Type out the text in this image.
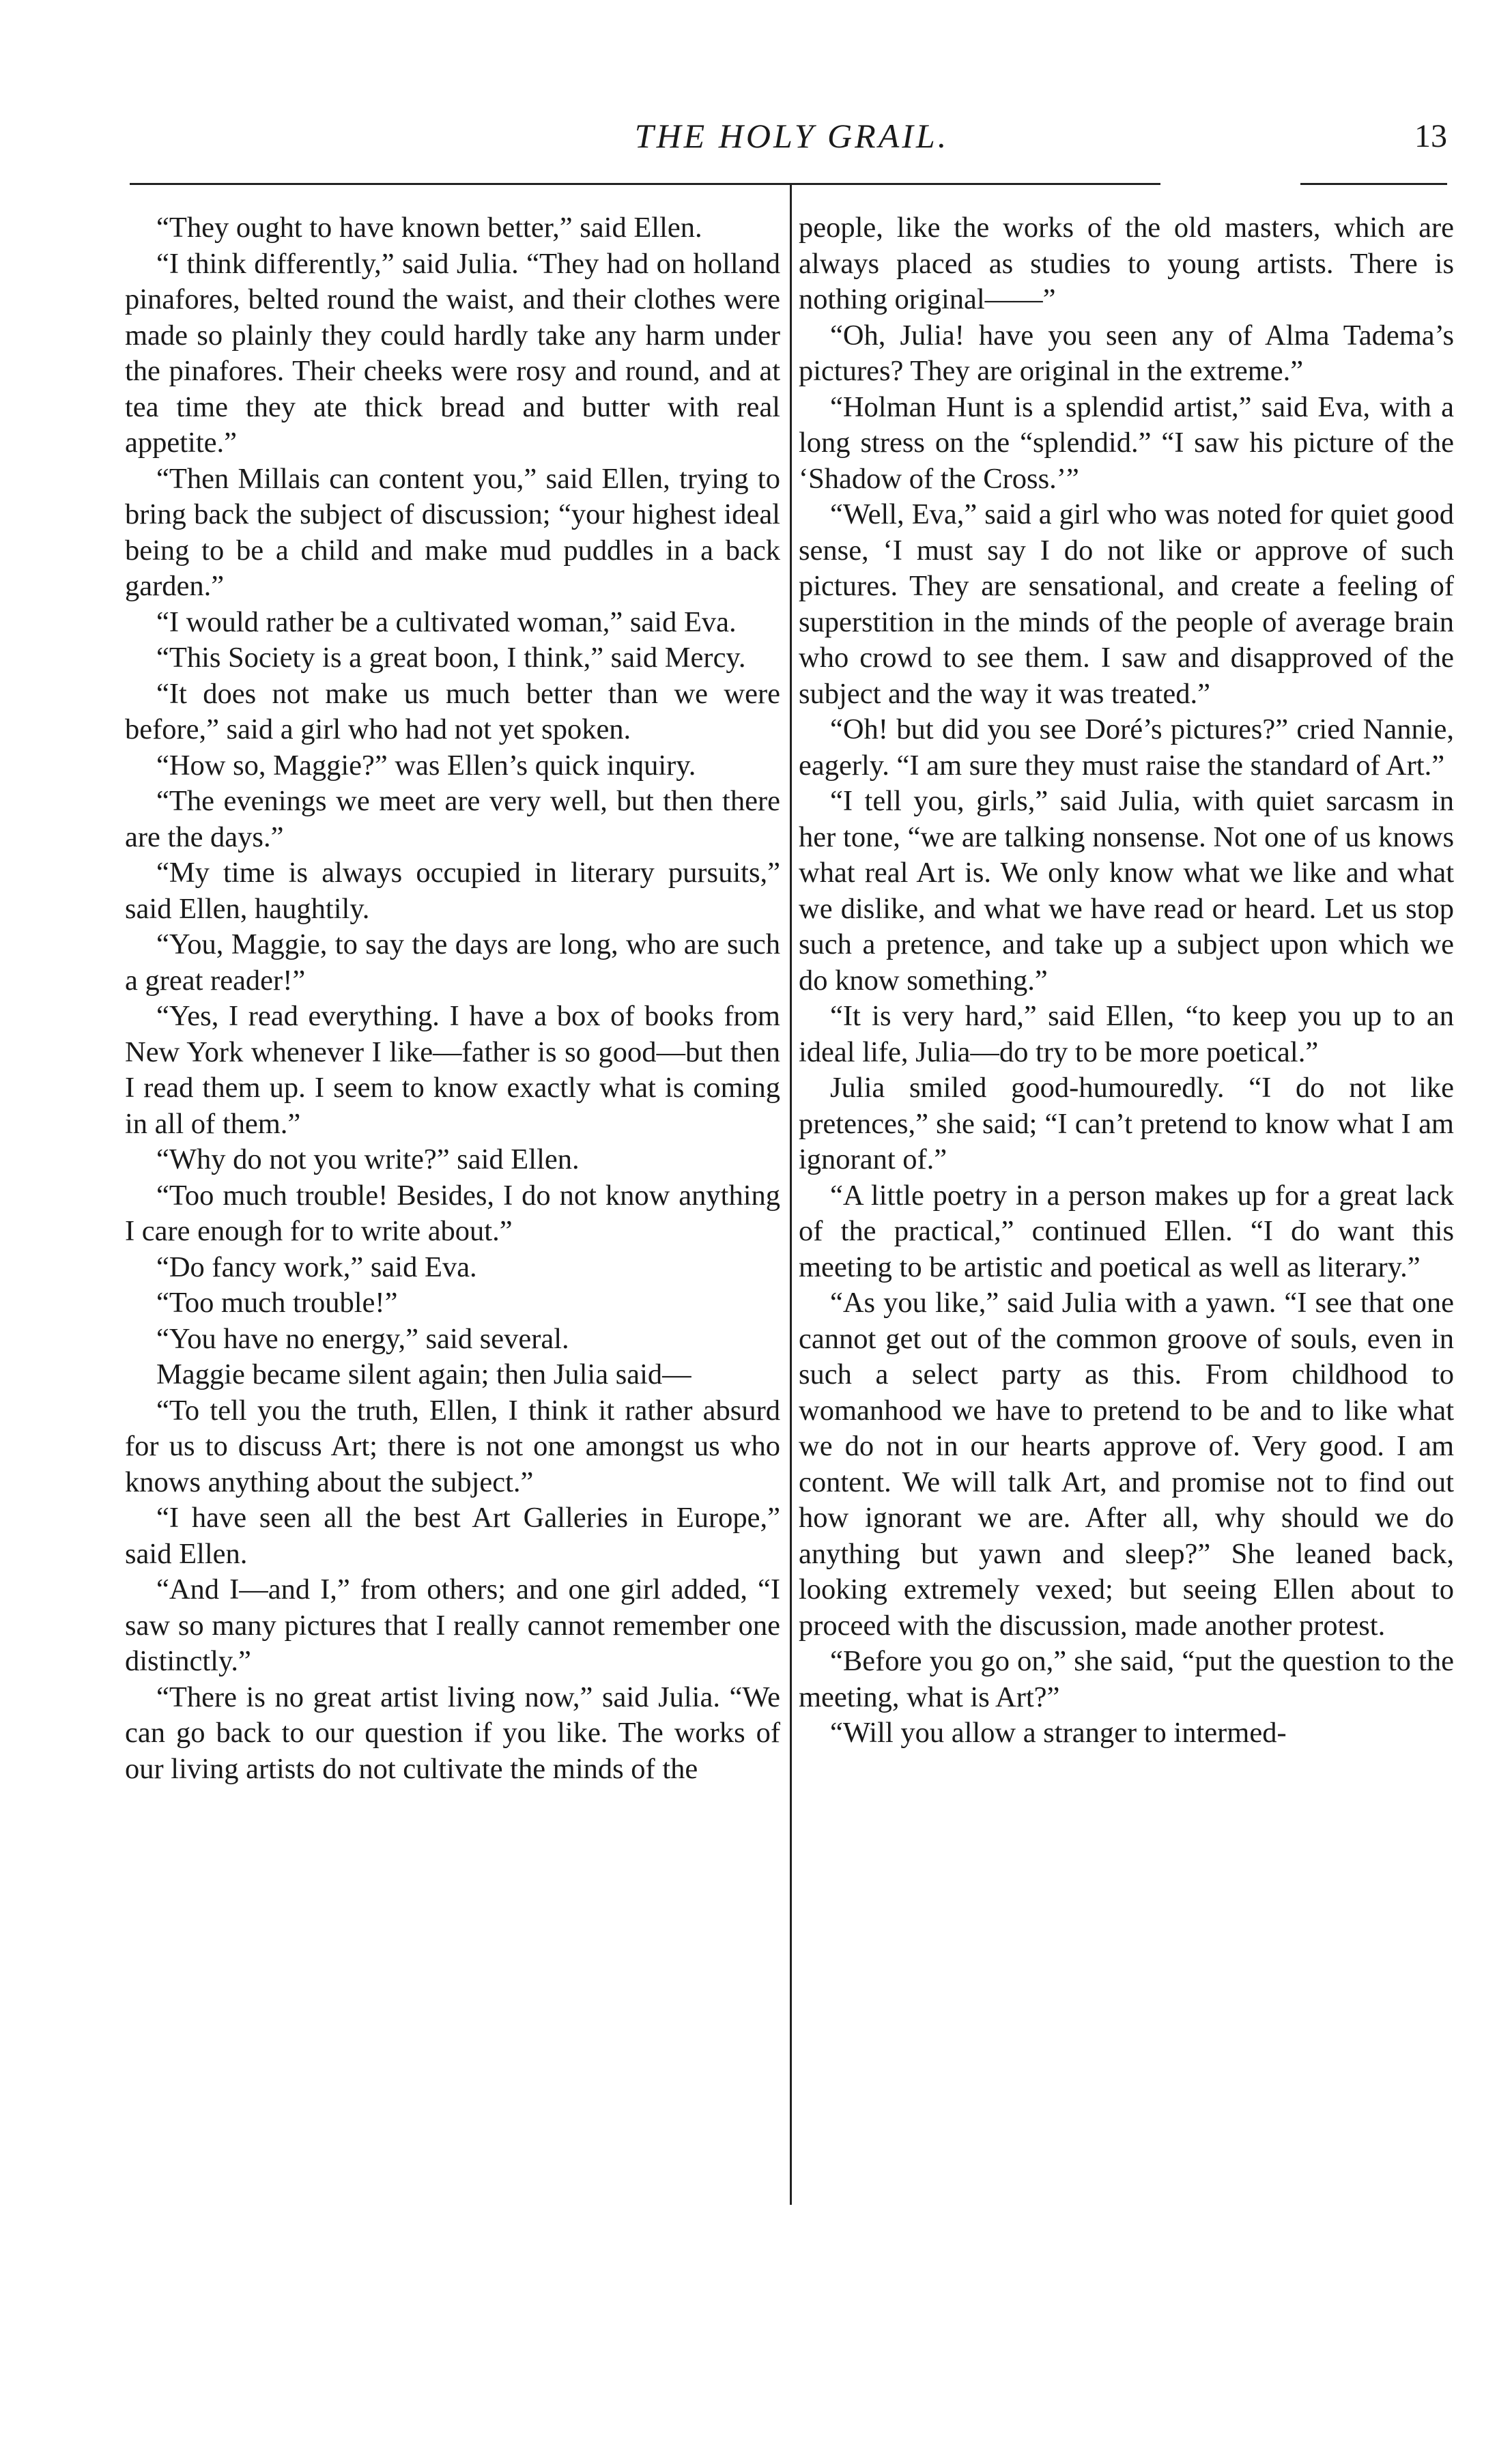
THE HOLY GRAIL.	13

“They ought to have known better,” said Ellen.

“I think differently,” said Julia. “They had on holland pinafores, belted round the waist, and their clothes were made so plainly they could hardly take any harm under the pinafores. Their cheeks were rosy and round, and at tea time they ate thick bread and butter with real appetite.”

“Then Millais can content you,” said Ellen, trying to bring back the subject of discussion; “your highest ideal being to be a child and make mud puddles in a back garden.”

“I would rather be a cultivated woman,” said Eva.

“This Society is a great boon, I think,” said Mercy.

“It does not make us much better than we were before,” said a girl who had not yet spoken.

“How so, Maggie?” was Ellen’s quick inquiry.

“The evenings we meet are very well, but then there are the days.”

“My time is always occupied in literary pursuits,” said Ellen, haughtily.

“You, Maggie, to say the days are long, who are such a great reader!”

“Yes, I read everything. I have a box of books from New York whenever I like—father is so good—but then I read them up. I seem to know exactly what is coming in all of them.”

“Why do not you write?” said Ellen.

“Too much trouble! Besides, I do not know anything I care enough for to write about.”

“Do fancy work,” said Eva.

“Too much trouble!”

“You have no energy,” said several.

Maggie became silent again; then Julia said—

“To tell you the truth, Ellen, I think it rather absurd for us to discuss Art; there is not one amongst us who knows anything about the subject.”

“I have seen all the best Art Galleries in Europe,” said Ellen.

“And I—and I,” from others; and one girl added, “I saw so many pictures that I really cannot remember one distinctly.”

“There is no great artist living now,” said Julia. “We can go back to our question if you like. The works of our living artists do not cultivate the minds of the

people, like the works of the old masters, which are always placed as studies to young artists. There is nothing original——”

“Oh, Julia! have you seen any of Alma Tadema’s pictures? They are original in the extreme.”

“Holman Hunt is a splendid artist,” said Eva, with a long stress on the “splendid.” “I saw his picture of the ‘Shadow of the Cross.’”

“Well, Eva,” said a girl who was noted for quiet good sense, ‘I must say I do not like or approve of such pictures. They are sensational, and create a feeling of superstition in the minds of the people of average brain who crowd to see them. I saw and disapproved of the subject and the way it was treated.”

“Oh! but did you see Doré’s pictures?” cried Nannie, eagerly. “I am sure they must raise the standard of Art.”

“I tell you, girls,” said Julia, with quiet sarcasm in her tone, “we are talking nonsense. Not one of us knows what real Art is. We only know what we like and what we dislike, and what we have read or heard. Let us stop such a pretence, and take up a subject upon which we do know something.”

“It is very hard,” said Ellen, “to keep you up to an ideal life, Julia—do try to be more poetical.”

Julia smiled good-humouredly. “I do not like pretences,” she said; “I can’t pretend to know what I am ignorant of.”

“A little poetry in a person makes up for a great lack of the practical,” continued Ellen. “I do want this meeting to be artistic and poetical as well as literary.”

“As you like,” said Julia with a yawn. “I see that one cannot get out of the common groove of souls, even in such a select party as this. From childhood to womanhood we have to pretend to be and to like what we do not in our hearts approve of. Very good. I am content. We will talk Art, and promise not to find out how ignorant we are. After all, why should we do anything but yawn and sleep?” She leaned back, looking extremely vexed; but seeing Ellen about to proceed with the discussion, made another protest.

“Before you go on,” she said, “put the question to the meeting, what is Art?”

“Will you allow a stranger to intermed-
